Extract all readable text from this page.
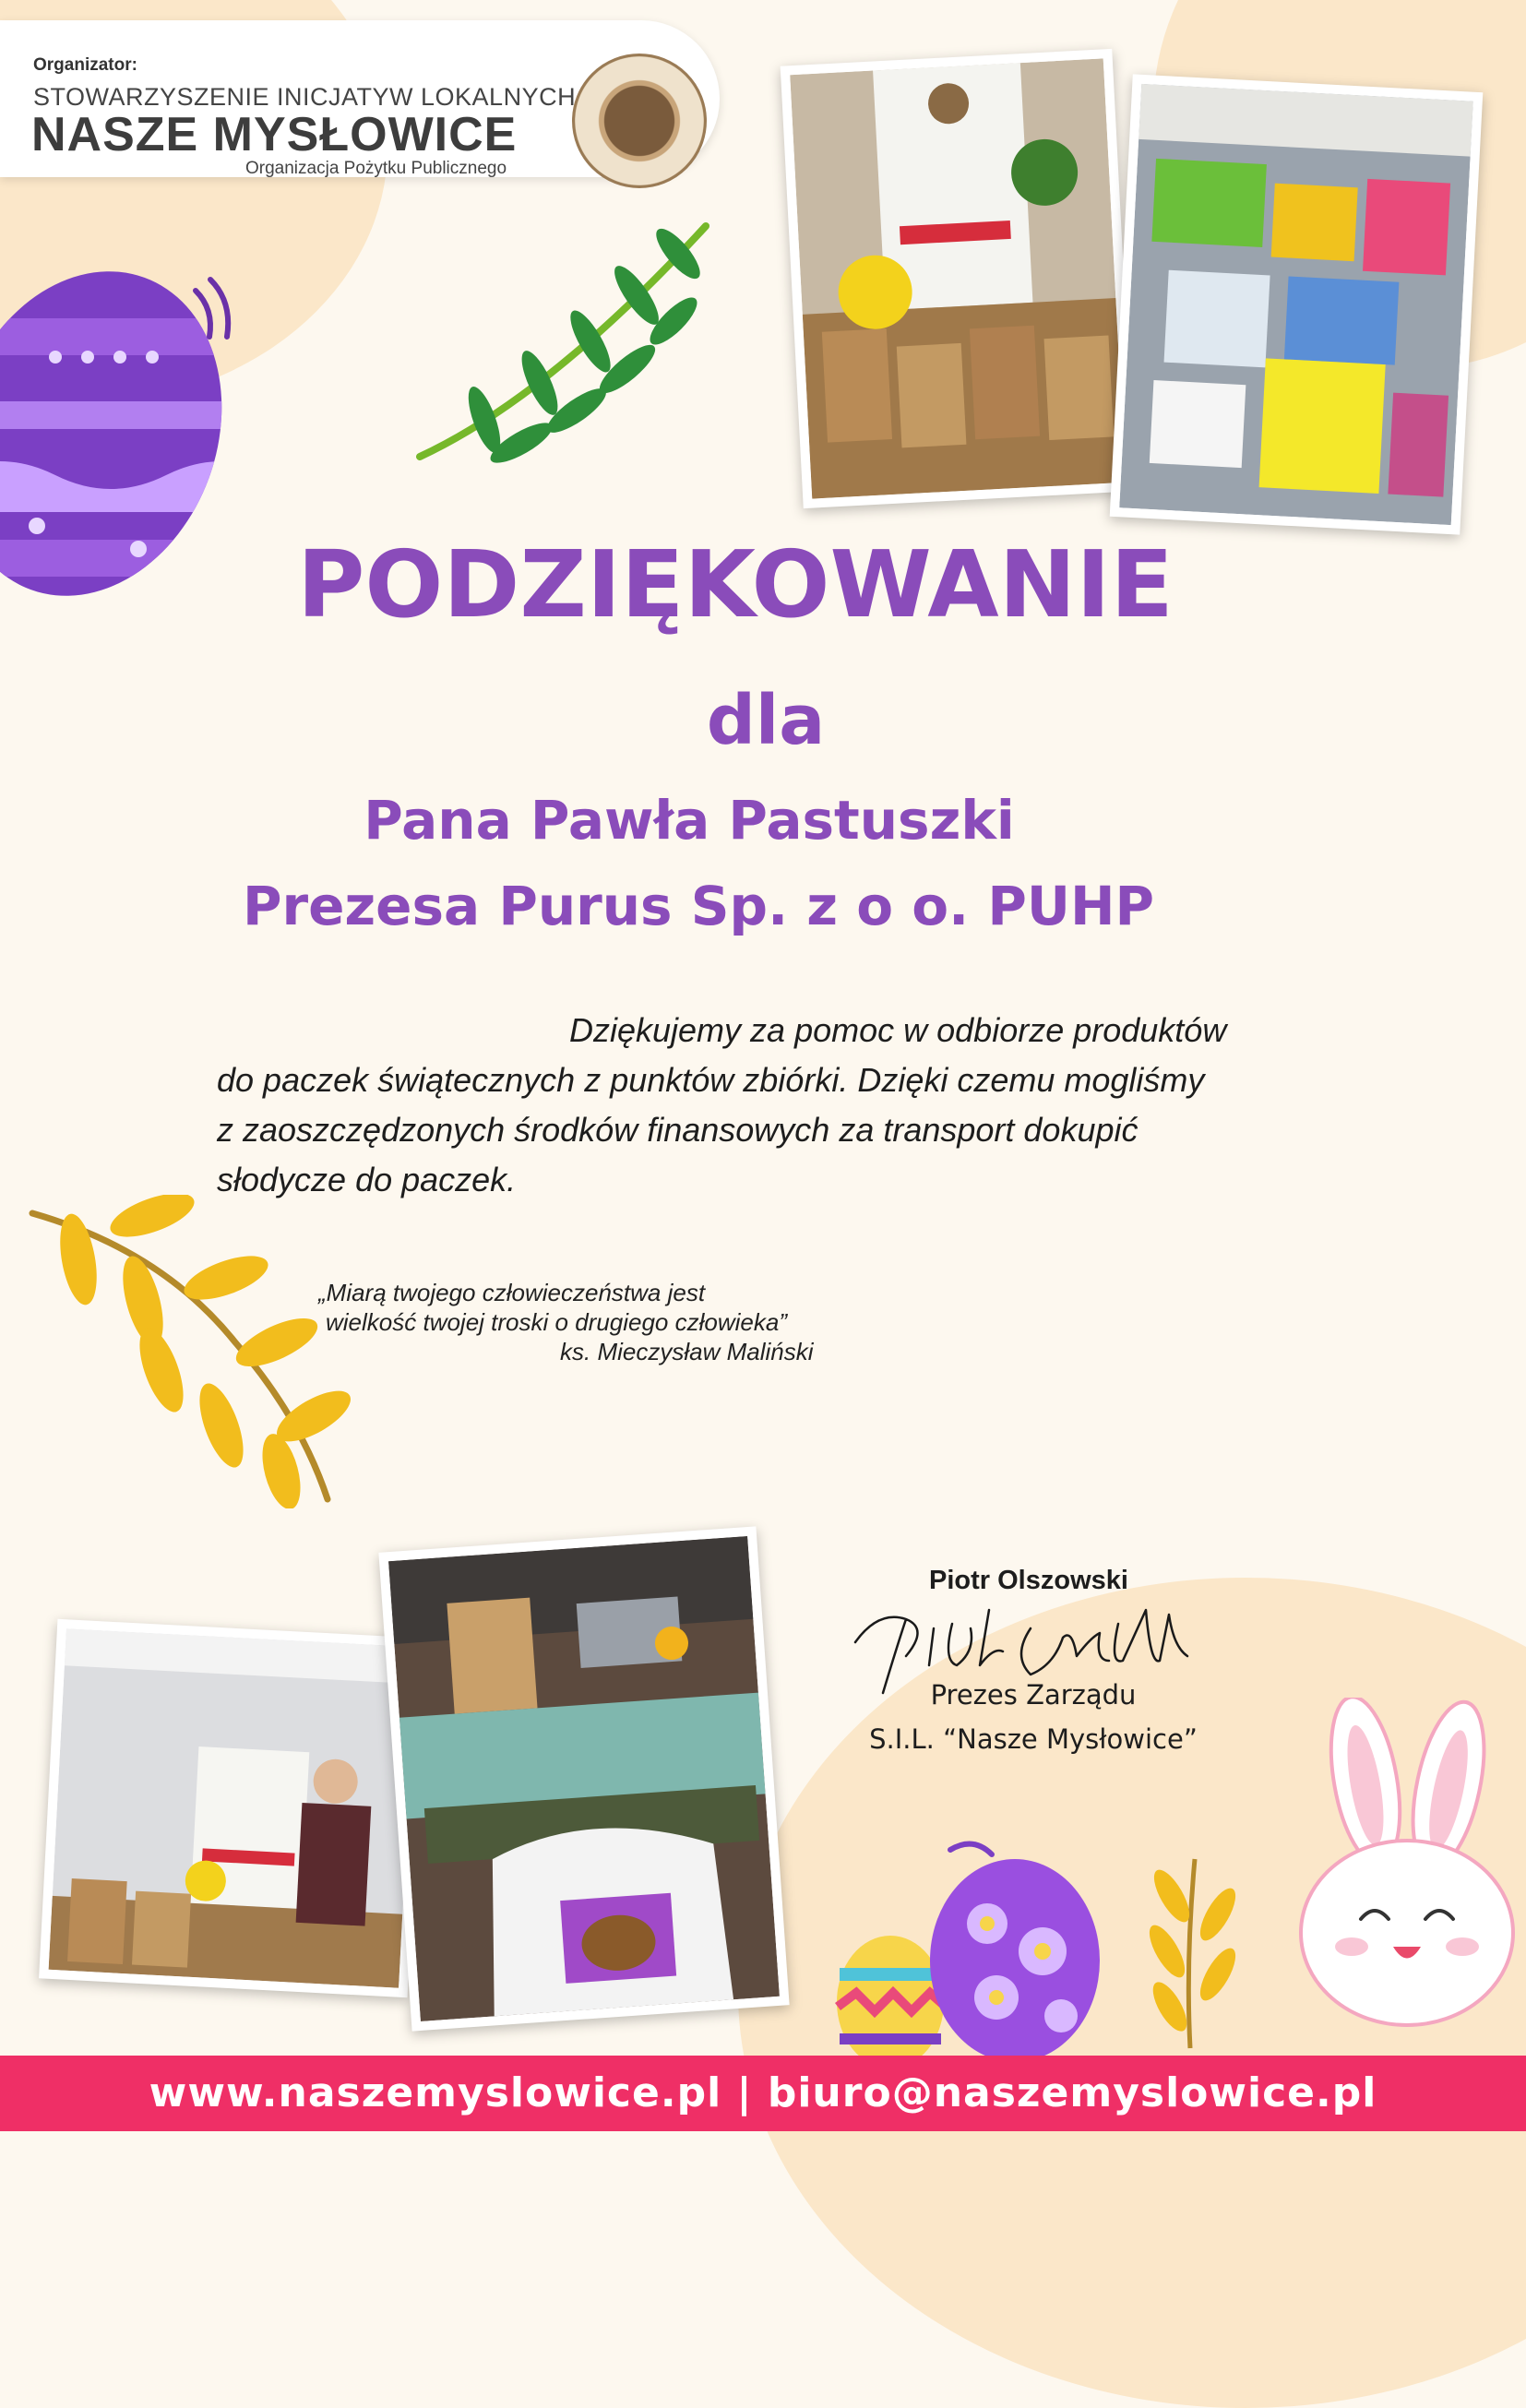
Organizator:
STOWARZYSZENIE INICJATYW LOKALNYCH
NASZE MYSŁOWICE
Organizacja Pożytku Publicznego
PODZIĘKOWANIE
dla
Pana Pawła Pastuszki
Prezesa Purus Sp. z o o. PUHP

Dziękujemy za pomoc w odbiorze produktów

do paczek świątecznych z punktów zbiórki. Dzięki czemu mogliśmy

z zaoszczędzonych środków finansowych za transport dokupić

słodycze do paczek.

„Miarą twojego człowieczeństwa jest
wielkość twojej troski o drugiego człowieka”
ks. Mieczysław Maliński
Piotr Olszowski
Prezes Zarządu
S.I.L. “Nasze Mysłowice”
www.naszemyslowice.pl | biuro@naszemyslowice.pl
